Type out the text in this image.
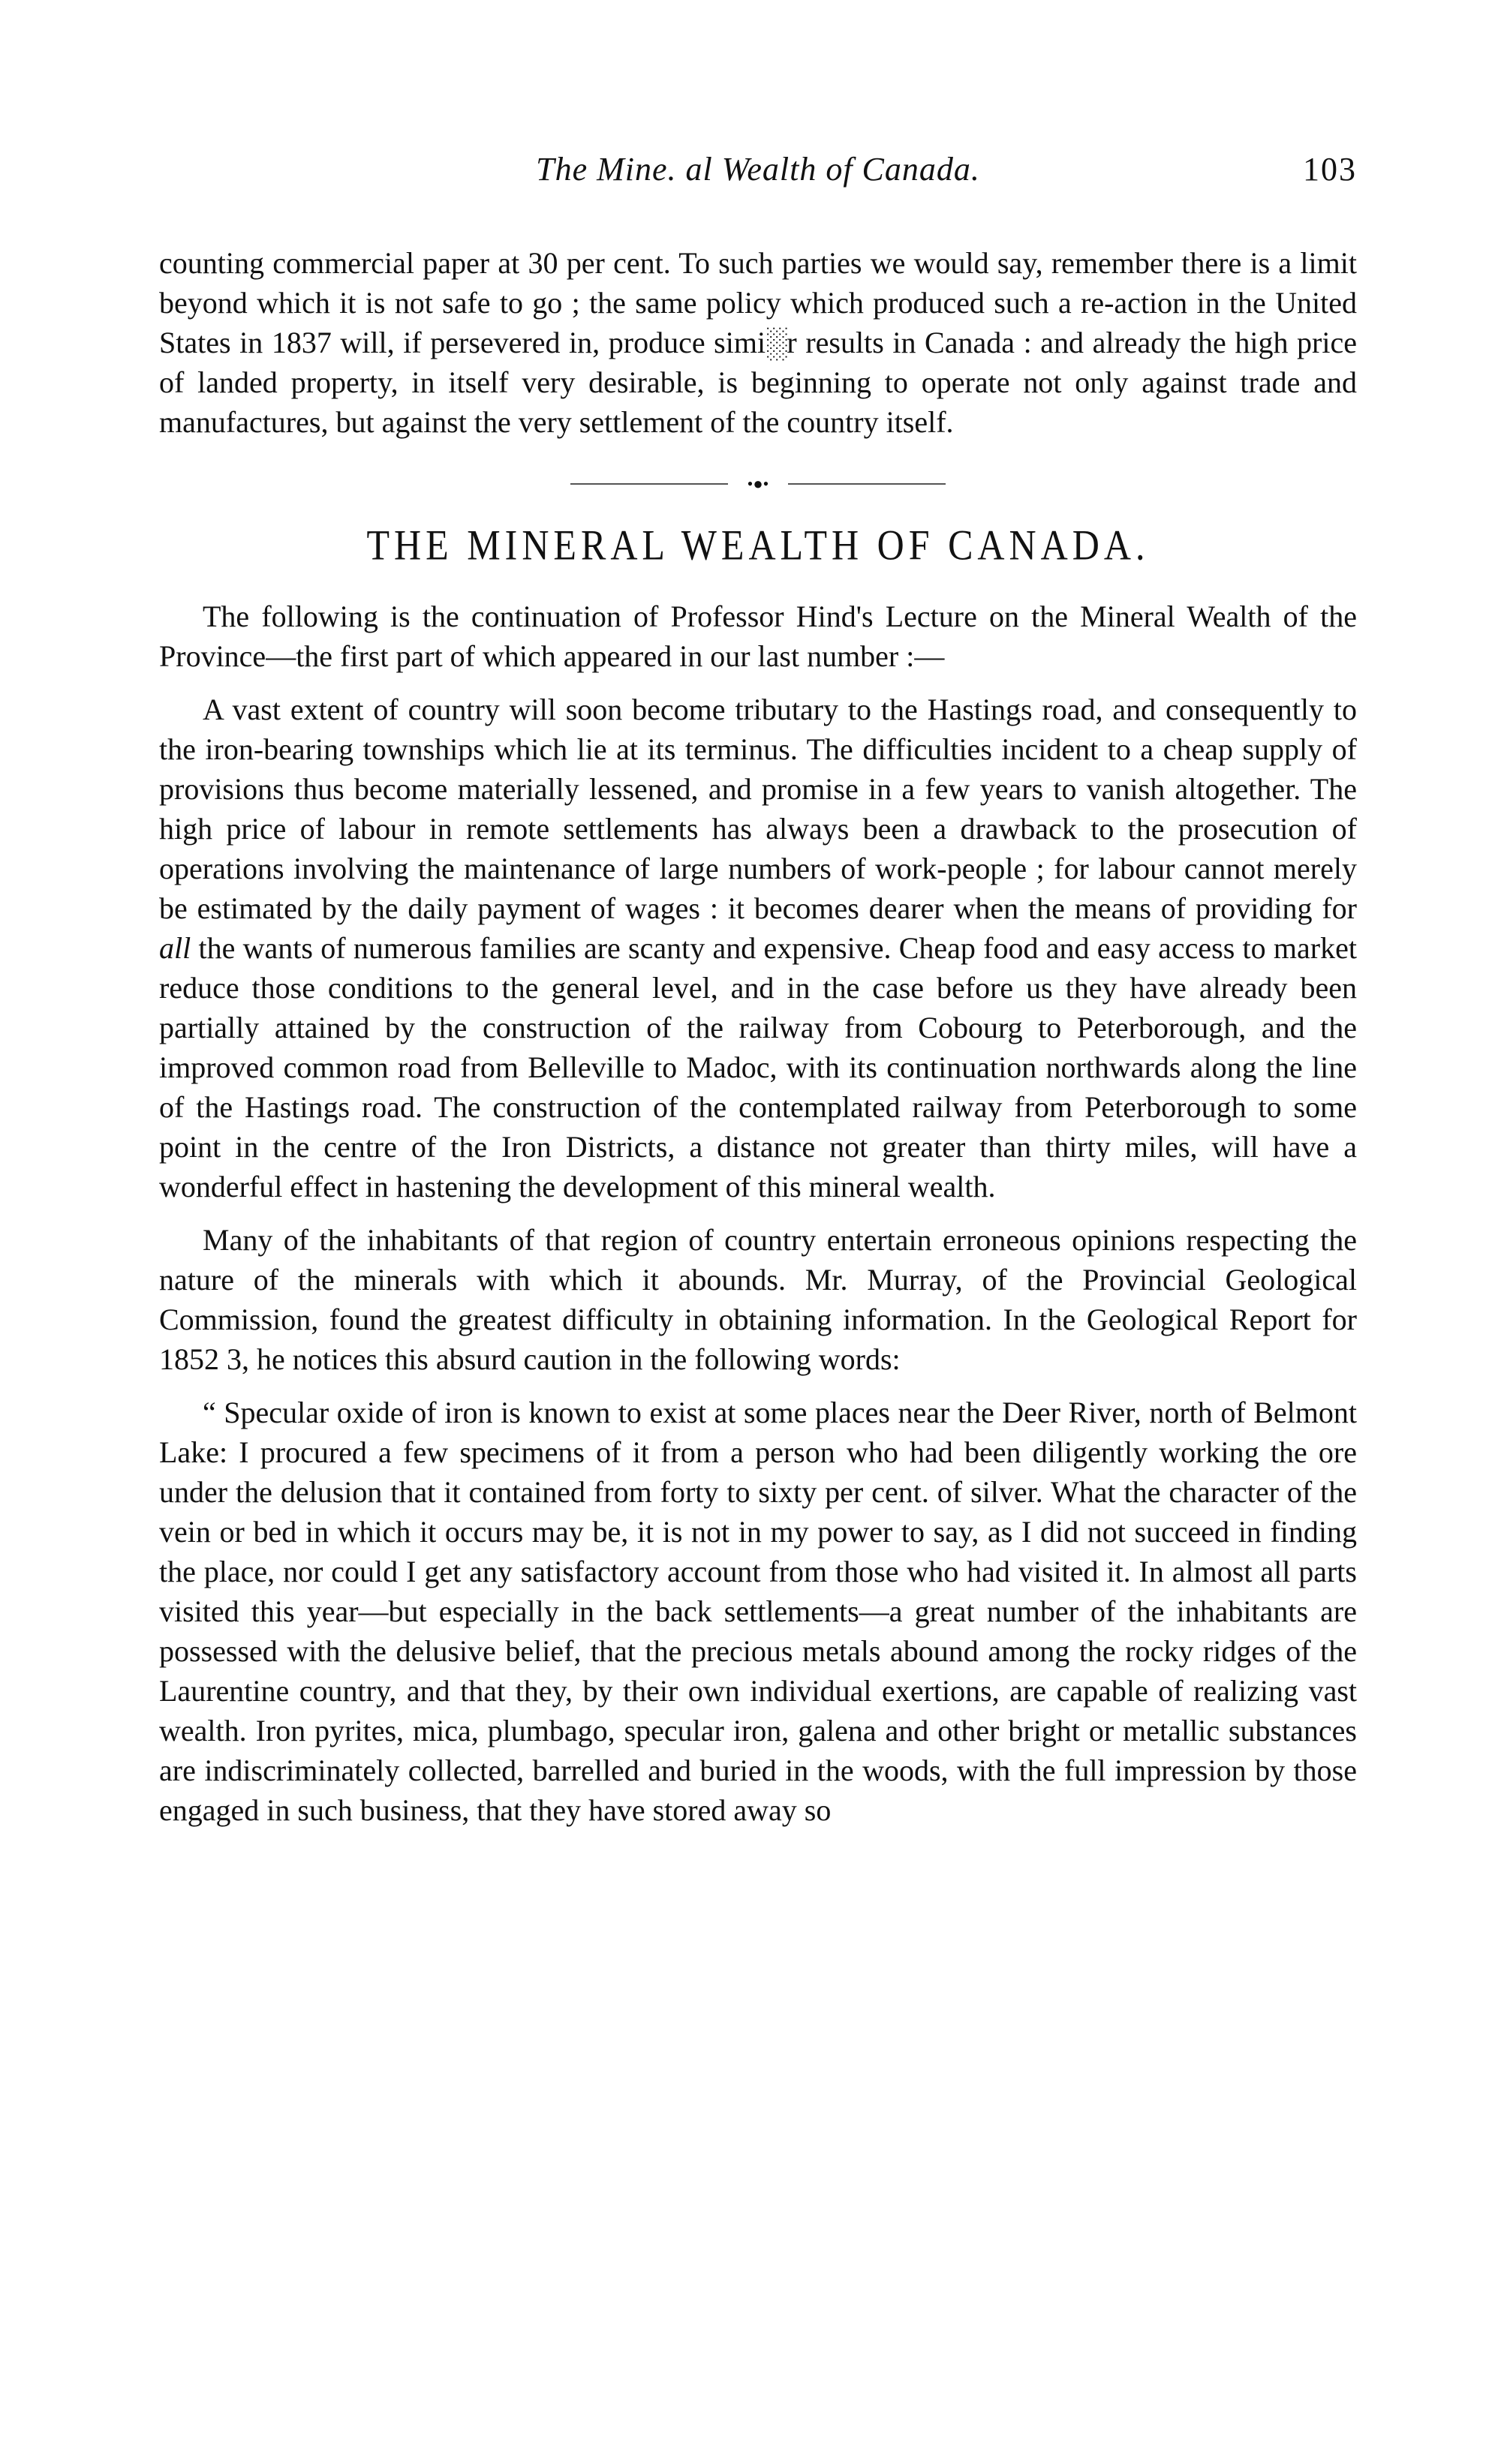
The Mine. al Wealth of Canada.	103

counting commercial paper at 30 per cent. To such parties we would say, remember there is a limit beyond which it is not safe to go ; the same policy which produced such a re-action in the United States in 1837 will, if persevered in, produce simi░r results in Canada : and already the high price of landed property, in itself very desirable, is beginning to operate not only against trade and manufactures, but against the very settlement of the country itself.

•●•
THE MINERAL WEALTH OF CANADA.

The following is the continuation of Professor Hind's Lecture on the Mineral Wealth of the Province—the first part of which appeared in our last number :—

A vast extent of country will soon become tributary to the Hastings road, and consequently to the iron-bearing townships which lie at its terminus. The difficulties incident to a cheap supply of provisions thus become materially lessened, and promise in a few years to vanish altogether. The high price of labour in remote settlements has always been a drawback to the prosecution of operations involving the maintenance of large numbers of work-people ; for labour cannot merely be estimated by the daily payment of wages : it becomes dearer when the means of providing for all the wants of numerous families are scanty and expensive. Cheap food and easy access to market reduce those conditions to the general level, and in the case before us they have already been partially attained by the construction of the railway from Cobourg to Peterborough, and the improved common road from Belleville to Madoc, with its continuation northwards along the line of the Hastings road. The construction of the contemplated railway from Peterborough to some point in the centre of the Iron Districts, a distance not greater than thirty miles, will have a wonderful effect in hastening the development of this mineral wealth.

Many of the inhabitants of that region of country entertain erroneous opinions respecting the nature of the minerals with which it abounds. Mr. Murray, of the Provincial Geological Commission, found the greatest difficulty in obtaining information. In the Geological Report for 1852 3, he notices this absurd caution in the following words:

“ Specular oxide of iron is known to exist at some places near the Deer River, north of Belmont Lake: I procured a few specimens of it from a person who had been diligently working the ore under the delusion that it contained from forty to sixty per cent. of silver. What the character of the vein or bed in which it occurs may be, it is not in my power to say, as I did not succeed in finding the place, nor could I get any satisfactory account from those who had visited it. In almost all parts visited this year—but especially in the back settlements—a great number of the inhabitants are possessed with the delusive belief, that the precious metals abound among the rocky ridges of the Laurentine country, and that they, by their own individual exertions, are capable of realizing vast wealth. Iron pyrites, mica, plumbago, specular iron, galena and other bright or metallic substances are indiscriminately collected, barrelled and buried in the woods, with the full impression by those engaged in such business, that they have stored away so
